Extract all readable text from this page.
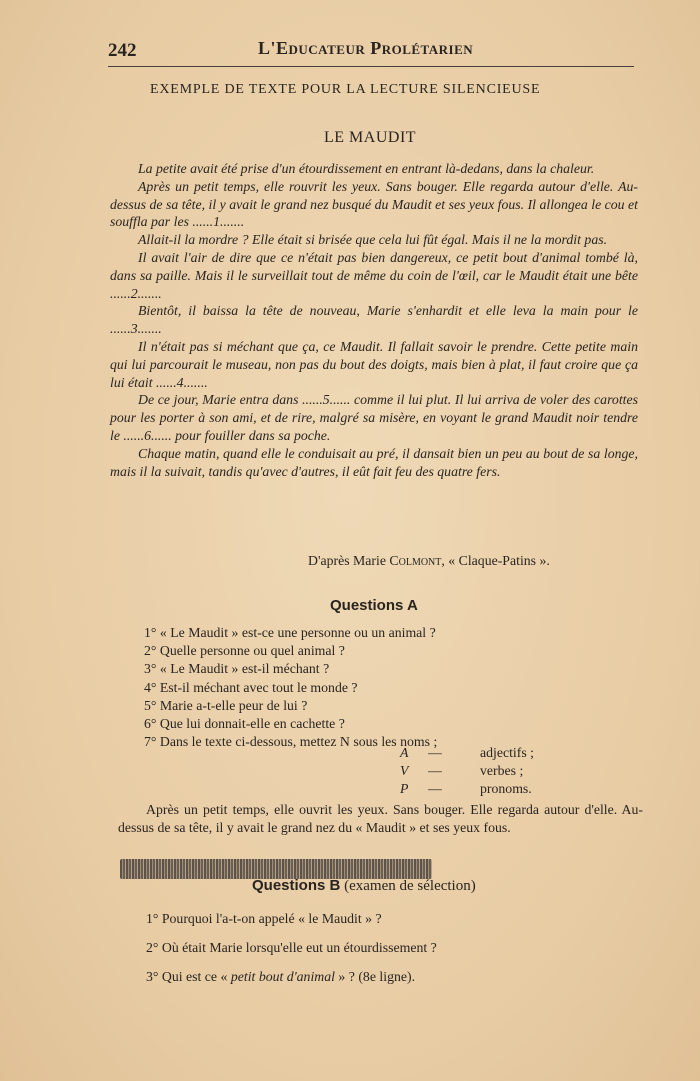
242	L'Educateur Prolétarien
EXEMPLE DE TEXTE POUR LA LECTURE SILENCIEUSE
LE MAUDIT

La petite avait été prise d'un étourdissement en entrant là-dedans, dans la chaleur.

Après un petit temps, elle rouvrit les yeux. Sans bouger. Elle regarda autour d'elle. Au-dessus de sa tête, il y avait le grand nez busqué du Maudit et ses yeux fous. Il allongea le cou et souffla par les ......1.......

Allait-il la mordre ? Elle était si brisée que cela lui fût égal. Mais il ne la mordit pas.

Il avait l'air de dire que ce n'était pas bien dangereux, ce petit bout d'animal tombé là, dans sa paille. Mais il le surveillait tout de même du coin de l'œil, car le Maudit était une bête ......2.......

Bientôt, il baissa la tête de nouveau, Marie s'enhardit et elle leva la main pour le ......3.......

Il n'était pas si méchant que ça, ce Maudit. Il fallait savoir le prendre. Cette petite main qui lui parcourait le museau, non pas du bout des doigts, mais bien à plat, il faut croire que ça lui était ......4.......

De ce jour, Marie entra dans ......5...... comme il lui plut. Il lui arriva de voler des carottes pour les porter à son ami, et de rire, malgré sa misère, en voyant le grand Maudit noir tendre le ......6...... pour fouiller dans sa poche.

Chaque matin, quand elle le conduisait au pré, il dansait bien un peu au bout de sa longe, mais il la suivait, tandis qu'avec d'autres, il eût fait feu des quatre fers.

D'après Marie Colmont, « Claque-Patins ».
Questions A
1° « Le Maudit » est-ce une personne ou un animal ?
2° Quelle personne ou quel animal ?
3° « Le Maudit » est-il méchant ?
4° Est-il méchant avec tout le monde ?
5° Marie a-t-elle peur de lui ?
6° Que lui donnait-elle en cachette ?
7° Dans le texte ci-dessous, mettez N sous les noms ;
A	—	adjectifs ;
V	—	verbes ;
P	—	pronoms.

Après un petit temps, elle ouvrit les yeux. Sans bouger. Elle regarda autour d'elle. Au-dessus de sa tête, il y avait le grand nez du « Maudit » et ses yeux fous.

Questions B (examen de sélection)
1° Pourquoi l'a-t-on appelé « le Maudit » ?
2° Où était Marie lorsqu'elle eut un étourdissement ?
3° Qui est ce « petit bout d'animal » ? (8e ligne).
